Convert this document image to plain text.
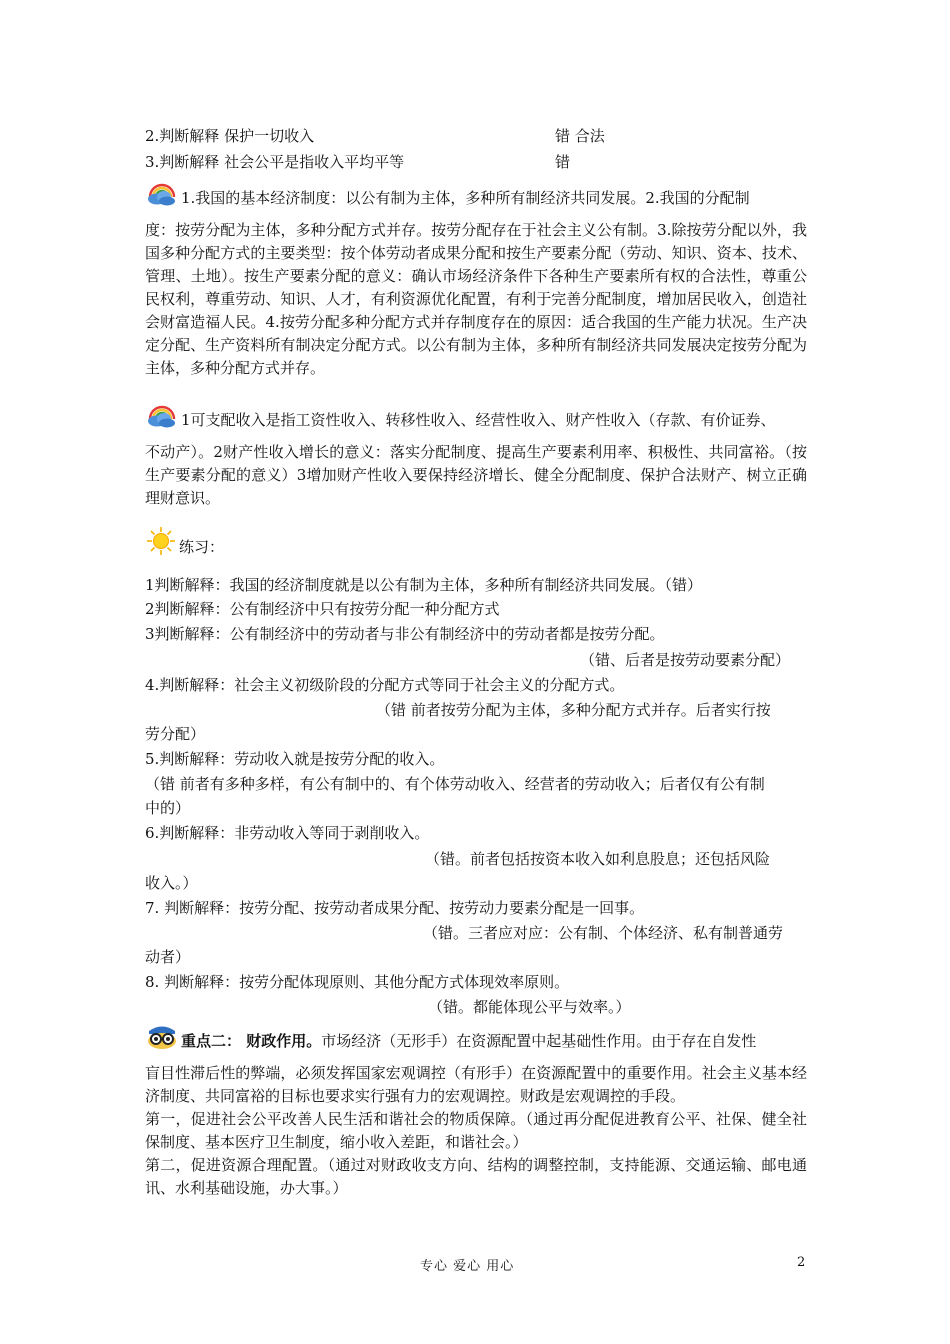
2.判断解释 保护一切收入	错 合法
3.判断解释 社会公平是指收入平均平等	错

1.我国的基本经济制度：以公有制为主体，多种所有制经济共同发展。2.我国的分配制

度：按劳分配为主体，多种分配方式并存。按劳分配存在于社会主义公有制。3.除按劳分配以外，我国多种分配方式的主要类型：按个体劳动者成果分配和按生产要素分配（劳动、知识、资本、技术、管理、土地）。按生产要素分配的意义：确认市场经济条件下各种生产要素所有权的合法性，尊重公民权利，尊重劳动、知识、人才，有利资源优化配置，有利于完善分配制度，增加居民收入，创造社会财富造福人民。4.按劳分配多种分配方式并存制度存在的原因：适合我国的生产能力状况。生产决定分配、生产资料所有制决定分配方式。以公有制为主体，多种所有制经济共同发展决定按劳分配为主体，多种分配方式并存。

1可支配收入是指工资性收入、转移性收入、经营性收入、财产性收入（存款、有价证券、

不动产）。2财产性收入增长的意义：落实分配制度、提高生产要素利用率、积极性、共同富裕。（按生产要素分配的意义）3增加财产性收入要保持经济增长、健全分配制度、保护合法财产、树立正确理财意识。

练习：
1判断解释：我国的经济制度就是以公有制为主体，多种所有制经济共同发展。（错）
2判断解释：公有制经济中只有按劳分配一种分配方式
3判断解释：公有制经济中的劳动者与非公有制经济中的劳动者都是按劳分配。
（错、后者是按劳动要素分配）
4.判断解释：社会主义初级阶段的分配方式等同于社会主义的分配方式。
（错 前者按劳分配为主体，多种分配方式并存。后者实行按
劳分配）
5.判断解释：劳动收入就是按劳分配的收入。
（错 前者有多种多样，有公有制中的、有个体劳动收入、经营者的劳动收入；后者仅有公有制
中的）
6.判断解释：非劳动收入等同于剥削收入。
（错。前者包括按资本收入如利息股息；还包括风险
收入。）
7. 判断解释：按劳分配、按劳动者成果分配、按劳动力要素分配是一回事。
（错。三者应对应：公有制、个体经济、私有制普通劳
动者）
8. 判断解释：按劳分配体现原则、其他分配方式体现效率原则。
（错。都能体现公平与效率。）

重点二： 财政作用。市场经济（无形手）在资源配置中起基础性作用。由于存在自发性

盲目性滞后性的弊端，必须发挥国家宏观调控（有形手）在资源配置中的重要作用。社会主义基本经济制度、共同富裕的目标也要求实行强有力的宏观调控。财政是宏观调控的手段。

第一，促进社会公平改善人民生活和谐社会的物质保障。（通过再分配促进教育公平、社保、健全社保制度、基本医疗卫生制度，缩小收入差距，和谐社会。）

第二，促进资源合理配置。（通过对财政收支方向、结构的调整控制，支持能源、交通运输、邮电通讯、水利基础设施，办大事。）

专心 爱心 用心	2
